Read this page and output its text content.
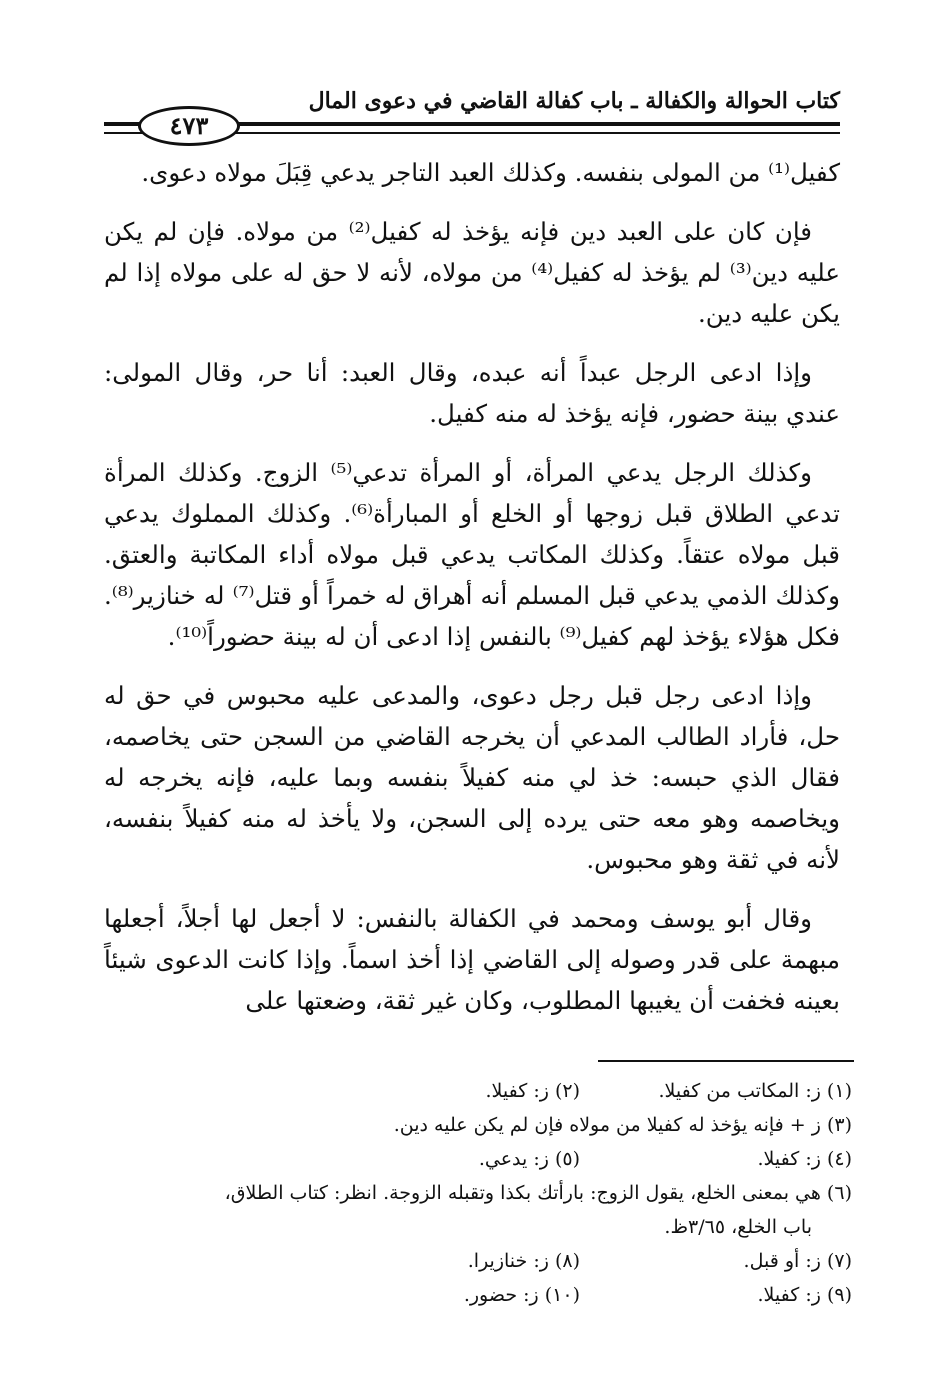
كتاب الحوالة والكفالة ـ باب كفالة القاضي في دعوى المال
٤٧٣

كفيل⁽¹⁾ من المولى بنفسه. وكذلك العبد التاجر يدعي قِبَلَ مولاه دعوى.

فإن كان على العبد دين فإنه يؤخذ له كفيل⁽²⁾ من مولاه. فإن لم يكن عليه دين⁽³⁾ لم يؤخذ له كفيل⁽⁴⁾ من مولاه، لأنه لا حق له على مولاه إذا لم يكن عليه دين.

وإذا ادعى الرجل عبداً أنه عبده، وقال العبد: أنا حر، وقال المولى: عندي بينة حضور، فإنه يؤخذ له منه كفيل.

وكذلك الرجل يدعي المرأة، أو المرأة تدعي⁽⁵⁾ الزوج. وكذلك المرأة تدعي الطلاق قبل زوجها أو الخلع أو المبارأة⁽⁶⁾. وكذلك المملوك يدعي قبل مولاه عتقاً. وكذلك المكاتب يدعي قبل مولاه أداء المكاتبة والعتق. وكذلك الذمي يدعي قبل المسلم أنه أهراق له خمراً أو قتل⁽⁷⁾ له خنازير⁽⁸⁾. فكل هؤلاء يؤخذ لهم كفيل⁽⁹⁾ بالنفس إذا ادعى أن له بينة حضوراً⁽¹⁰⁾.

وإذا ادعى رجل قبل رجل دعوى، والمدعى عليه محبوس في حق له حل، فأراد الطالب المدعي أن يخرجه القاضي من السجن حتى يخاصمه، فقال الذي حبسه: خذ لي منه كفيلاً بنفسه وبما عليه، فإنه يخرجه له ويخاصمه وهو معه حتى يرده إلى السجن، ولا يأخذ له منه كفيلاً بنفسه، لأنه في ثقة وهو محبوس.

وقال أبو يوسف ومحمد في الكفالة بالنفس: لا أجعل لها أجلاً، أجعلها مبهمة على قدر وصوله إلى القاضي إذا أخذ اسماً. وإذا كانت الدعوى شيئاً بعينه فخفت أن يغيبها المطلوب، وكان غير ثقة، وضعتها على

(١) ز: المكاتب من كفيلا.
(٢) ز: كفيلا.
(٣) ز + فإنه يؤخذ له كفيلا من مولاه فإن لم يكن عليه دين.
(٤) ز: كفيلا.
(٥) ز: يدعي.
(٦) هي بمعنى الخلع، يقول الزوج: بارأتك بكذا وتقبله الزوجة. انظر: كتاب الطلاق،
باب الخلع، ٣/٦٥ظ.
(٧) ز: أو قبل.
(٨) ز: خنازيرا.
(٩) ز: كفيلا.
(١٠) ز: حضور.
